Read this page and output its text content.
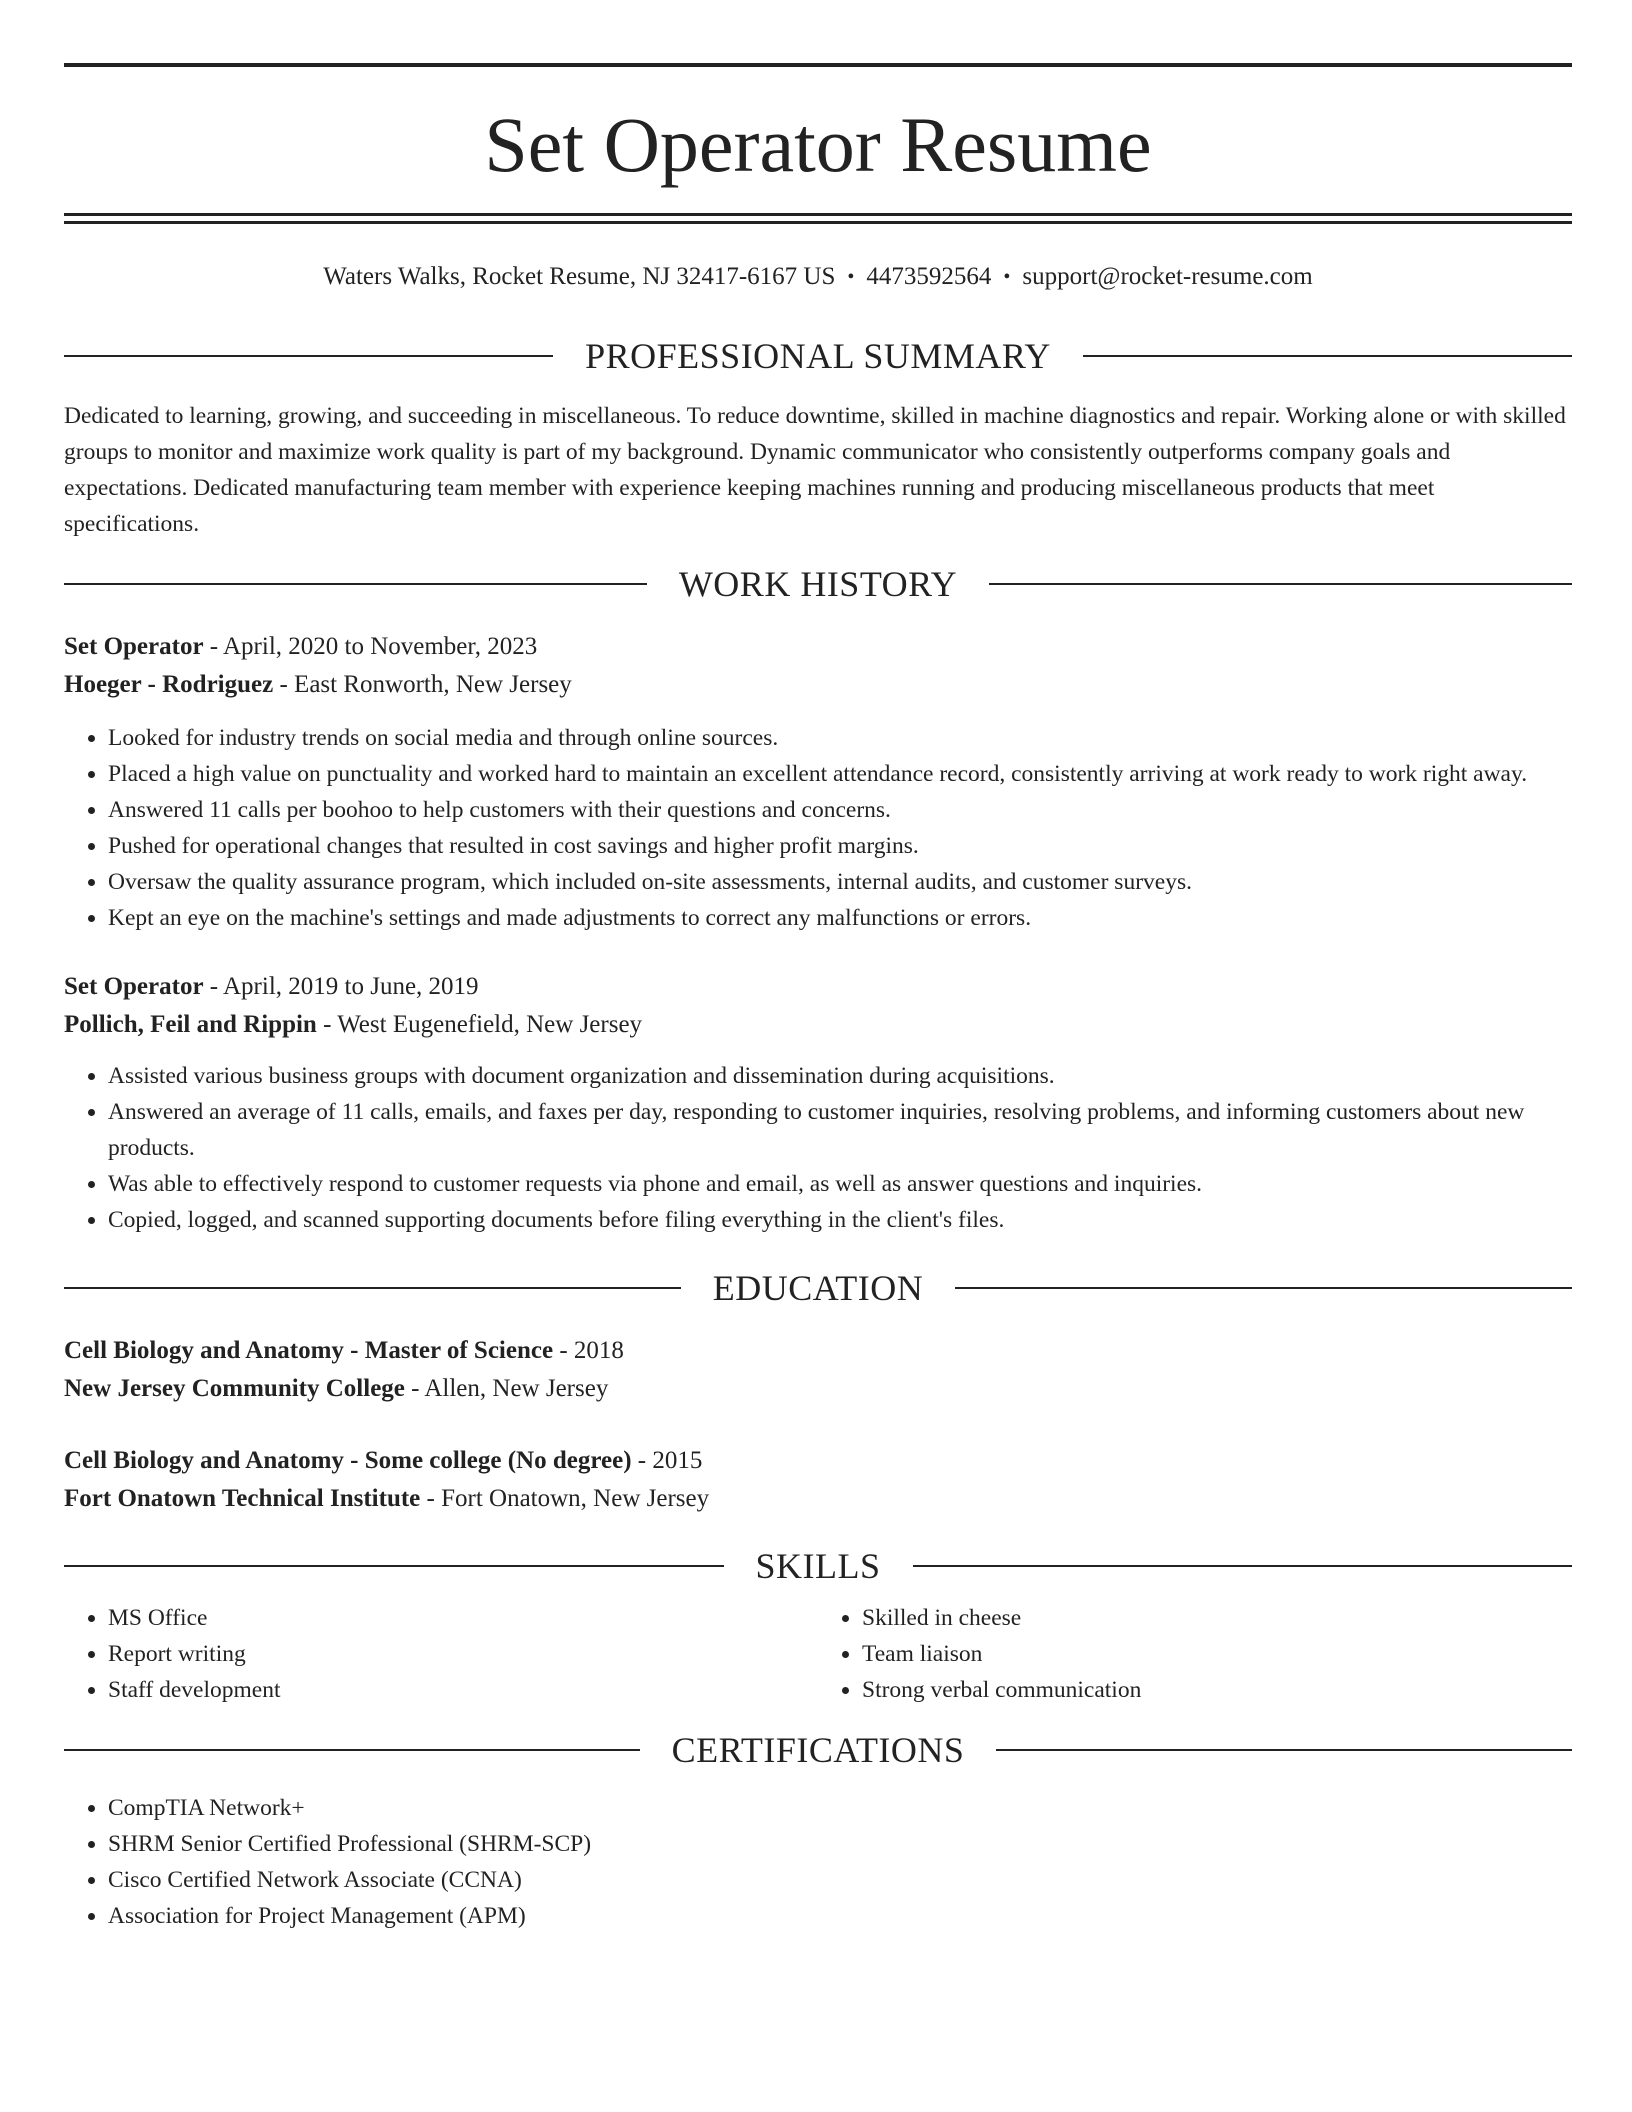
Set Operator Resume
Waters Walks, Rocket Resume, NJ 32417-6167 US • 4473592564 • support@rocket-resume.com
PROFESSIONAL SUMMARY
Dedicated to learning, growing, and succeeding in miscellaneous. To reduce downtime, skilled in machine diagnostics and repair. Working alone or with skilled groups to monitor and maximize work quality is part of my background. Dynamic communicator who consistently outperforms company goals and expectations. Dedicated manufacturing team member with experience keeping machines running and producing miscellaneous products that meet specifications.
WORK HISTORY
Set Operator - April, 2020 to November, 2023
Hoeger - Rodriguez - East Ronworth, New Jersey
• Looked for industry trends on social media and through online sources.
• Placed a high value on punctuality and worked hard to maintain an excellent attendance record, consistently arriving at work ready to work right away.
• Answered 11 calls per boohoo to help customers with their questions and concerns.
• Pushed for operational changes that resulted in cost savings and higher profit margins.
• Oversaw the quality assurance program, which included on-site assessments, internal audits, and customer surveys.
• Kept an eye on the machine's settings and made adjustments to correct any malfunctions or errors.
Set Operator - April, 2019 to June, 2019
Pollich, Feil and Rippin - West Eugenefield, New Jersey
• Assisted various business groups with document organization and dissemination during acquisitions.
• Answered an average of 11 calls, emails, and faxes per day, responding to customer inquiries, resolving problems, and informing customers about new products.
• Was able to effectively respond to customer requests via phone and email, as well as answer questions and inquiries.
• Copied, logged, and scanned supporting documents before filing everything in the client's files.
EDUCATION
Cell Biology and Anatomy - Master of Science - 2018
New Jersey Community College - Allen, New Jersey
Cell Biology and Anatomy - Some college (No degree) - 2015
Fort Onatown Technical Institute - Fort Onatown, New Jersey
SKILLS
• MS Office
• Report writing
• Staff development
• Skilled in cheese
• Team liaison
• Strong verbal communication
CERTIFICATIONS
• CompTIA Network+
• SHRM Senior Certified Professional (SHRM-SCP)
• Cisco Certified Network Associate (CCNA)
• Association for Project Management (APM)
